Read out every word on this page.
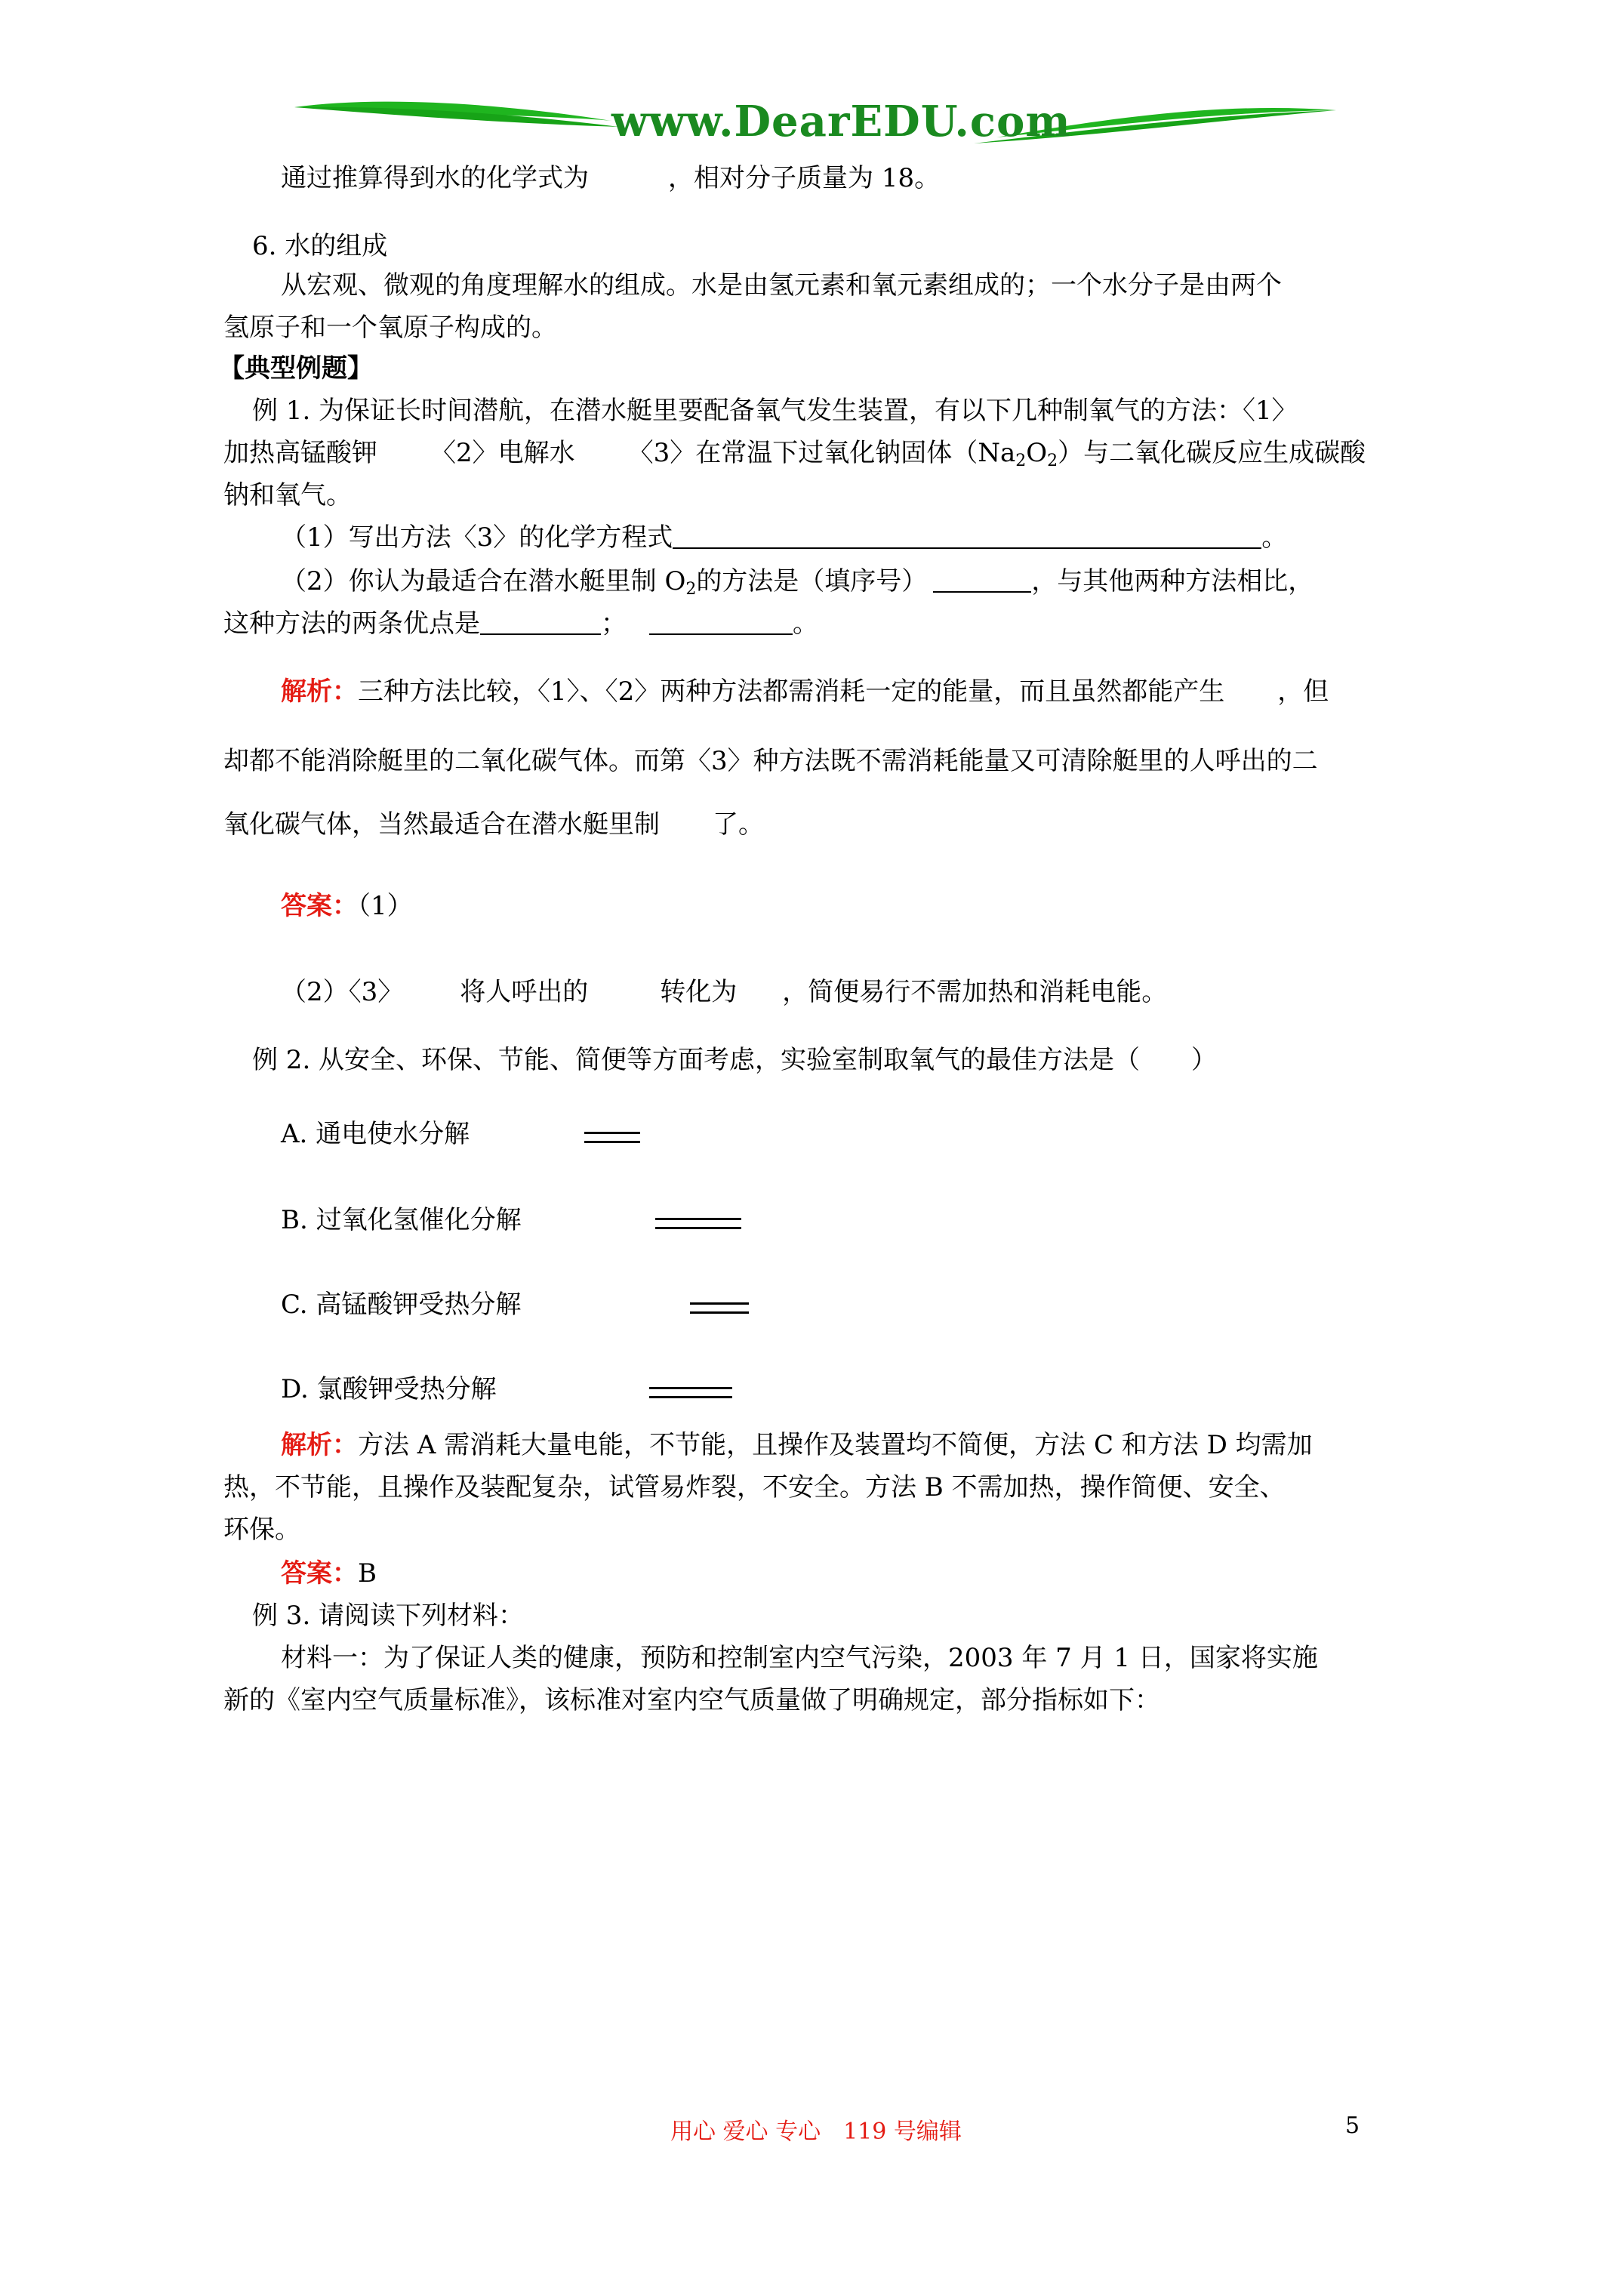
www.DearEDU.com
通过推算得到水的化学式为	，相对分子质量为 18。
6. 水的组成
从宏观、微观的角度理解水的组成。水是由氢元素和氧元素组成的；一个水分子是由两个
氢原子和一个氧原子构成的。
【典型例题】
例 1. 为保证长时间潜航，在潜水艇里要配备氧气发生装置，有以下几种制氧气的方法：〈1〉
加热高锰酸钾 〈2〉电解水 〈3〉在常温下过氧化钠固体$(Na_2O_2)$与二氧化碳反应生成碳酸
钠和氧气。
（1）写出方法〈3〉的化学方程式	。
（2）你认为最适合在潜水艇里制 $O_2$的方法是（填序号）	，与其他两种方法相比，
这种方法的两条优点是	；	。
解析：三种方法比较，〈1〉、〈2〉两种方法都需消耗一定的能量，而且虽然都能产生 ，但
却都不能消除艇里的二氧化碳气体。而第〈3〉种方法既不需消耗能量又可清除艇里的人呼出的二
氧化碳气体，当然最适合在潜水艇里制 了。
答案：（1）
（2）〈3〉 将人呼出的	转化为 ，简便易行不需加热和消耗电能。
例 2. 从安全、环保、节能、简便等方面考虑，实验室制取氧气的最佳方法是（　　）
A. 通电使水分解
B. 过氧化氢催化分解
C. 高锰酸钾受热分解
D. 氯酸钾受热分解
解析：方法 A 需消耗大量电能，不节能，且操作及装置均不简便，方法 C 和方法 D 均需加
热，不节能，且操作及装配复杂，试管易炸裂，不安全。方法 B 不需加热，操作简便、安全、
环保。
答案：B
例 3. 请阅读下列材料：
材料一：为了保证人类的健康，预防和控制室内空气污染，2003 年 7 月 1 日，国家将实施
新的《室内空气质量标准》，该标准对室内空气质量做了明确规定，部分指标如下：
用心 爱心 专心　119 号编辑	5
